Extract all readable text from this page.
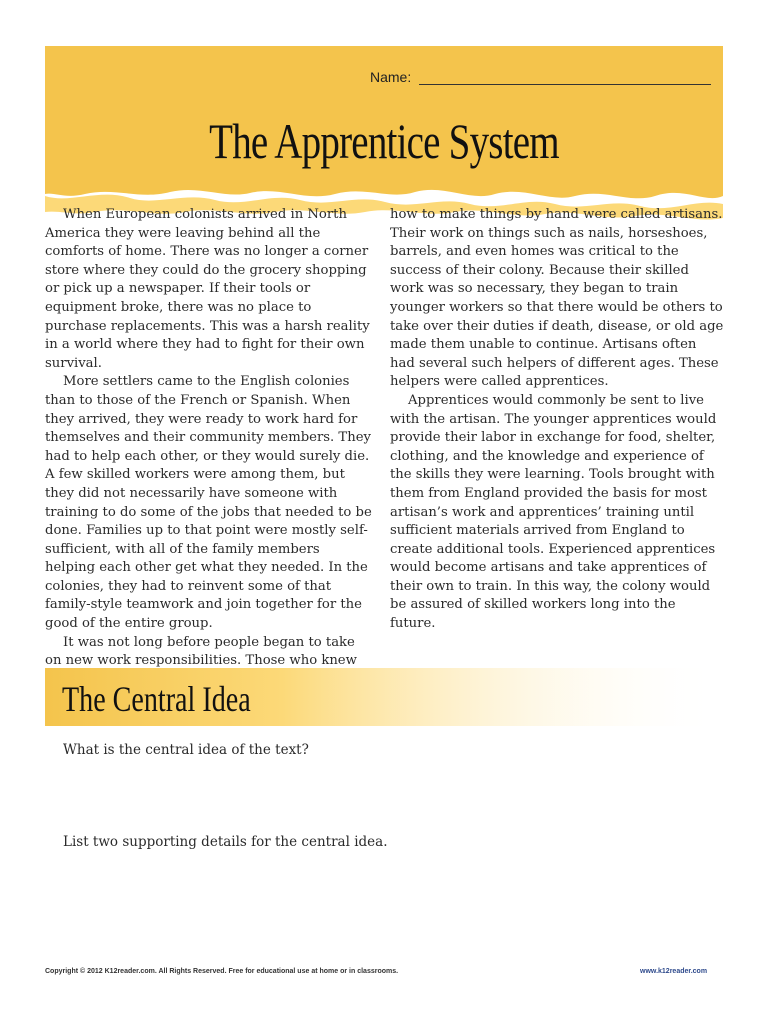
Name:
The Apprentice System

When European colonists arrived in North America they were leaving behind all the comforts of home. There was no longer a corner store where they could do the grocery shopping or pick up a newspaper. If their tools or equipment broke, there was no place to purchase replacements. This was a harsh reality in a world where they had to fight for their own survival.

More settlers came to the English colonies than to those of the French or Spanish. When they arrived, they were ready to work hard for themselves and their community members. They had to help each other, or they would surely die. A few skilled workers were among them, but they did not necessarily have someone with training to do some of the jobs that needed to be done. Families up to that point were mostly self-sufficient, with all of the family members helping each other get what they needed. In the colonies, they had to reinvent some of that family-style teamwork and join together for the good of the entire group.

It was not long before people began to take on new work responsibilities. Those who knew

how to make things by hand were called artisans. Their work on things such as nails, horseshoes, barrels, and even homes was critical to the success of their colony. Because their skilled work was so necessary, they began to train younger workers so that there would be others to take over their duties if death, disease, or old age made them unable to continue. Artisans often had several such helpers of different ages. These helpers were called apprentices.

Apprentices would commonly be sent to live with the artisan. The younger apprentices would provide their labor in exchange for food, shelter, clothing, and the knowledge and experience of the skills they were learning. Tools brought with them from England provided the basis for most artisan’s work and apprentices’ training until sufficient materials arrived from England to create additional tools. Experienced apprentices would become artisans and take apprentices of their own to train. In this way, the colony would be assured of skilled workers long into the future.

The Central Idea
What is the central idea of the text?
List two supporting details for the central idea.
Copyright © 2012 K12reader.com. All Rights Reserved. Free for educational use at home or in classrooms.	www.k12reader.com
